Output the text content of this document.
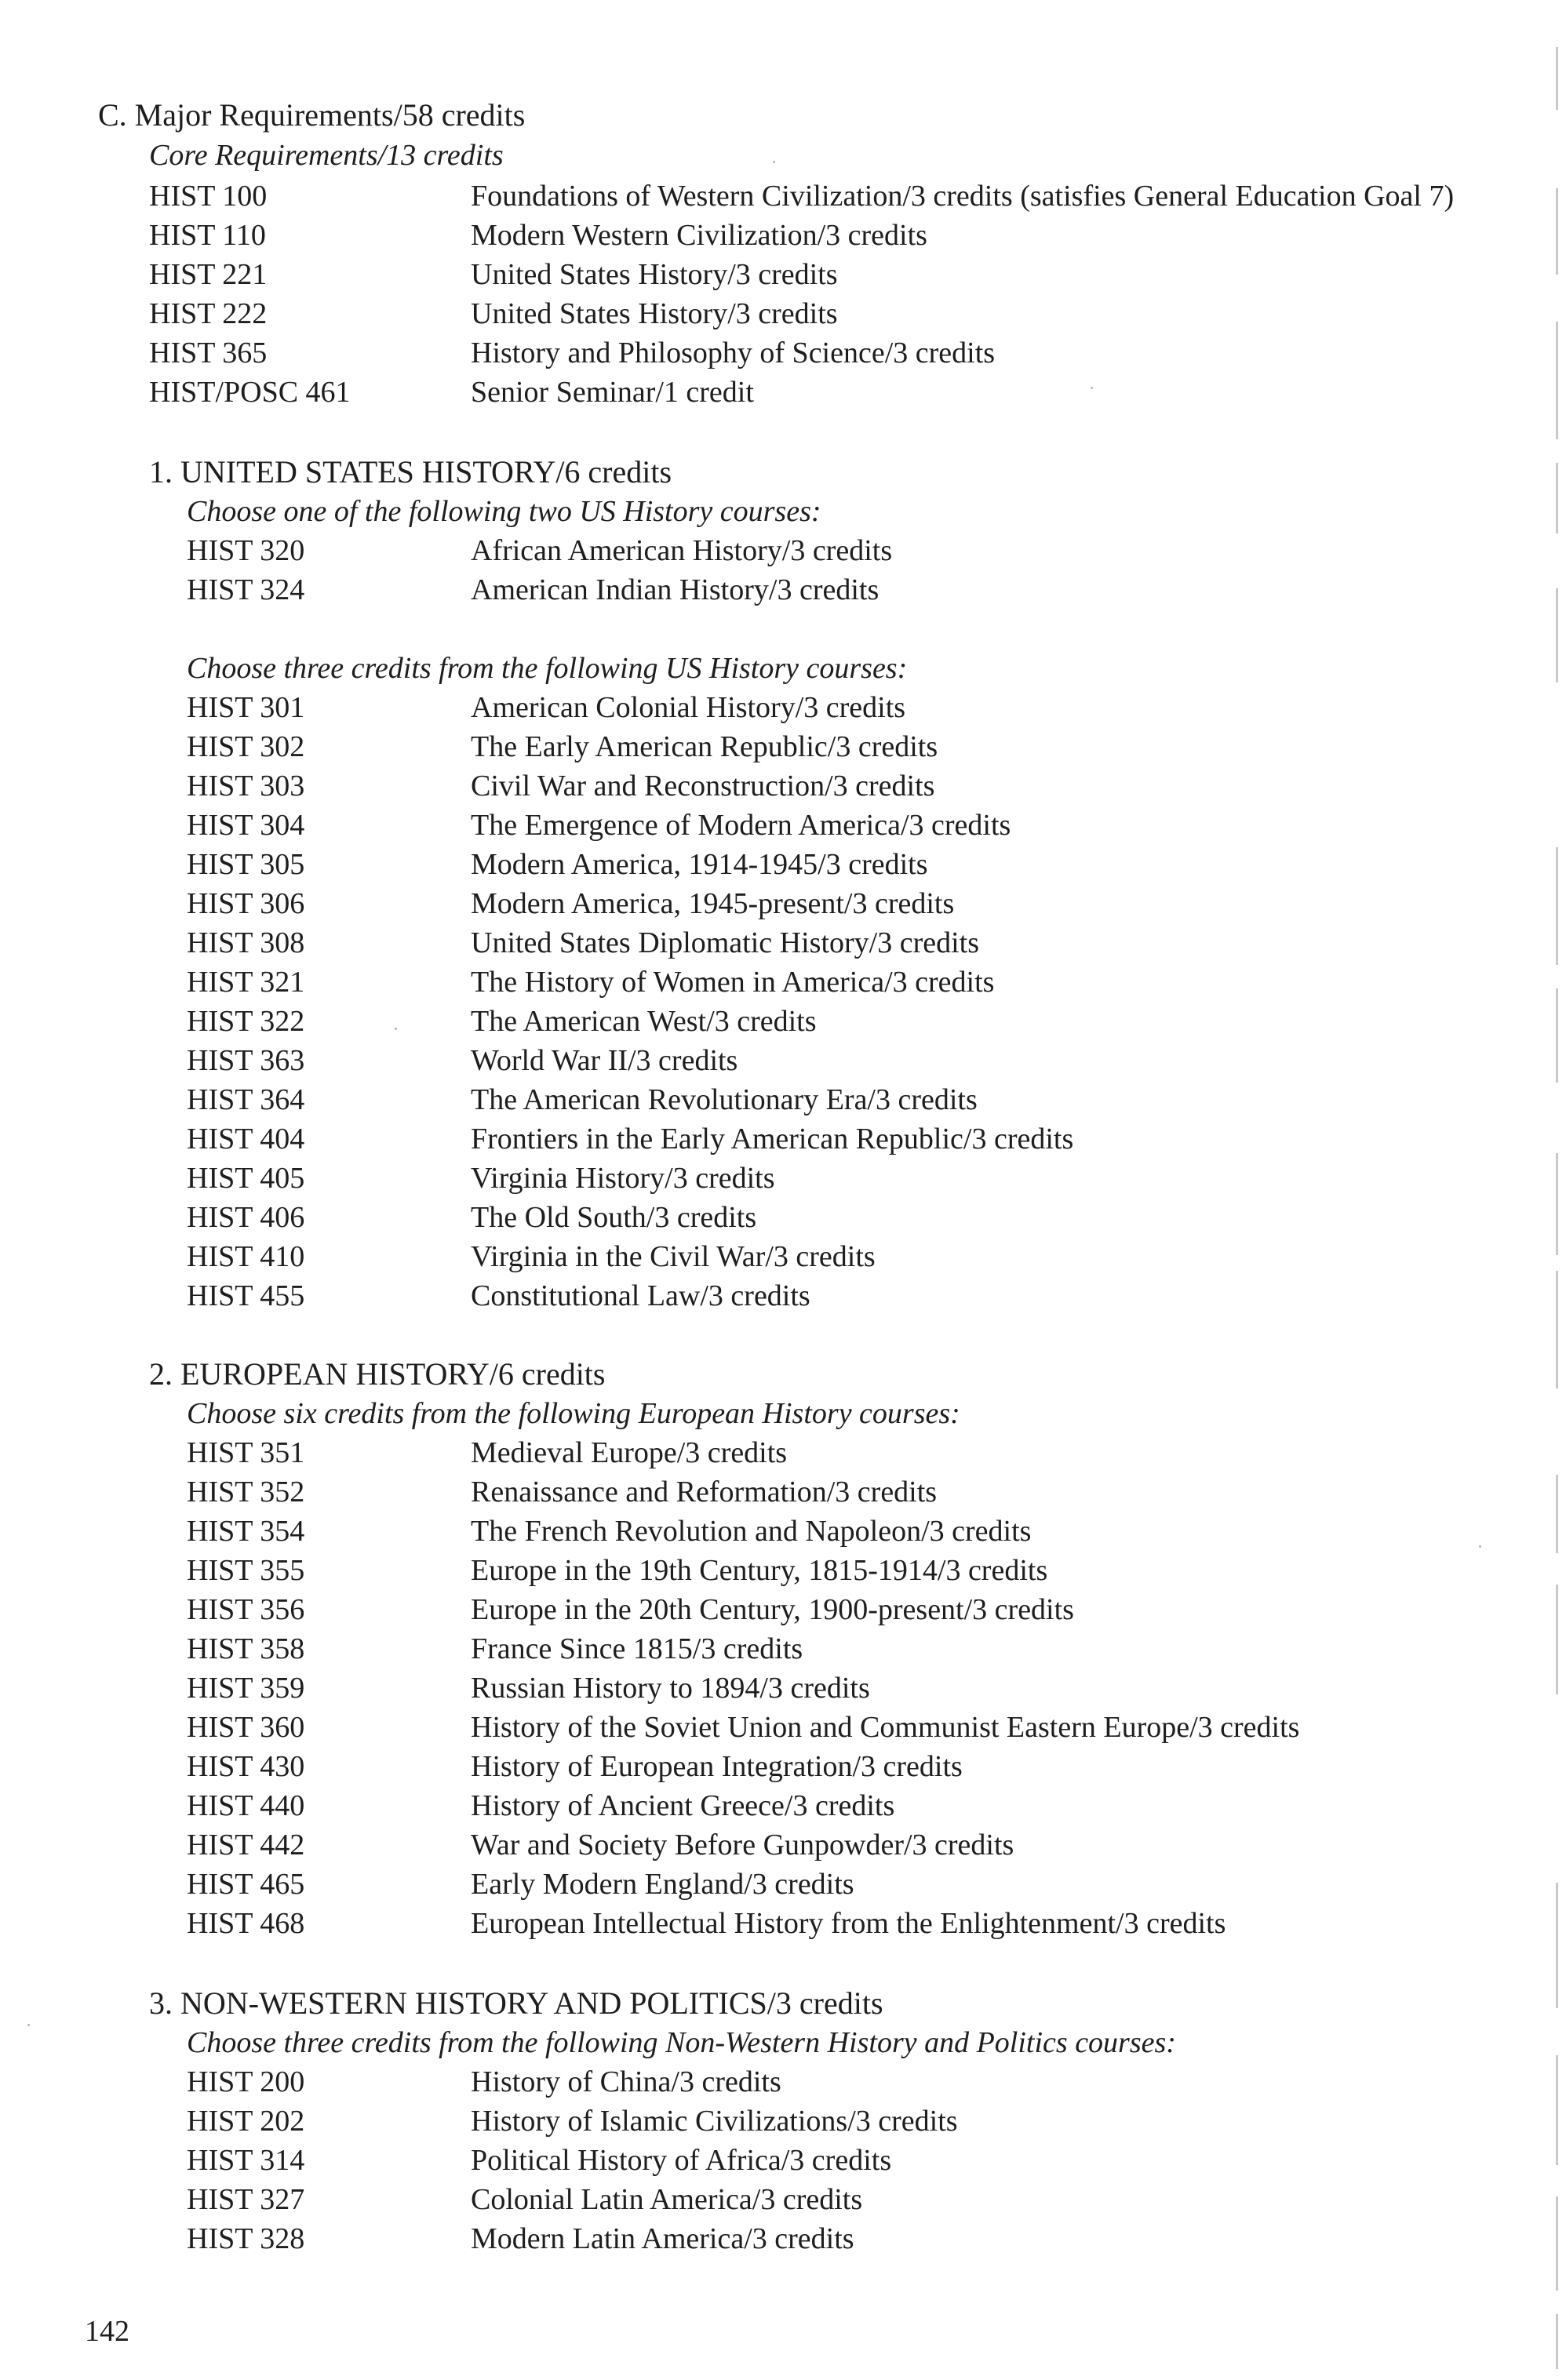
C. Major Requirements/58 credits
Core Requirements/13 credits
HIST 100	Foundations of Western Civilization/3 credits (satisfies General Education Goal 7)
HIST 110	Modern Western Civilization/3 credits
HIST 221	United States History/3 credits
HIST 222	United States History/3 credits
HIST 365	History and Philosophy of Science/3 credits
HIST/POSC 461	Senior Seminar/1 credit
1. UNITED STATES HISTORY/6 credits
Choose one of the following two US History courses:
HIST 320	African American History/3 credits
HIST 324	American Indian History/3 credits
Choose three credits from the following US History courses:
HIST 301	American Colonial History/3 credits
HIST 302	The Early American Republic/3 credits
HIST 303	Civil War and Reconstruction/3 credits
HIST 304	The Emergence of Modern America/3 credits
HIST 305	Modern America, 1914-1945/3 credits
HIST 306	Modern America, 1945-present/3 credits
HIST 308	United States Diplomatic History/3 credits
HIST 321	The History of Women in America/3 credits
HIST 322	The American West/3 credits
HIST 363	World War II/3 credits
HIST 364	The American Revolutionary Era/3 credits
HIST 404	Frontiers in the Early American Republic/3 credits
HIST 405	Virginia History/3 credits
HIST 406	The Old South/3 credits
HIST 410	Virginia in the Civil War/3 credits
HIST 455	Constitutional Law/3 credits
2. EUROPEAN HISTORY/6 credits
Choose six credits from the following European History courses:
HIST 351	Medieval Europe/3 credits
HIST 352	Renaissance and Reformation/3 credits
HIST 354	The French Revolution and Napoleon/3 credits
HIST 355	Europe in the 19th Century, 1815-1914/3 credits
HIST 356	Europe in the 20th Century, 1900-present/3 credits
HIST 358	France Since 1815/3 credits
HIST 359	Russian History to 1894/3 credits
HIST 360	History of the Soviet Union and Communist Eastern Europe/3 credits
HIST 430	History of European Integration/3 credits
HIST 440	History of Ancient Greece/3 credits
HIST 442	War and Society Before Gunpowder/3 credits
HIST 465	Early Modern England/3 credits
HIST 468	European Intellectual History from the Enlightenment/3 credits
3. NON-WESTERN HISTORY AND POLITICS/3 credits
Choose three credits from the following Non-Western History and Politics courses:
HIST 200	History of China/3 credits
HIST 202	History of Islamic Civilizations/3 credits
HIST 314	Political History of Africa/3 credits
HIST 327	Colonial Latin America/3 credits
HIST 328	Modern Latin America/3 credits
142
